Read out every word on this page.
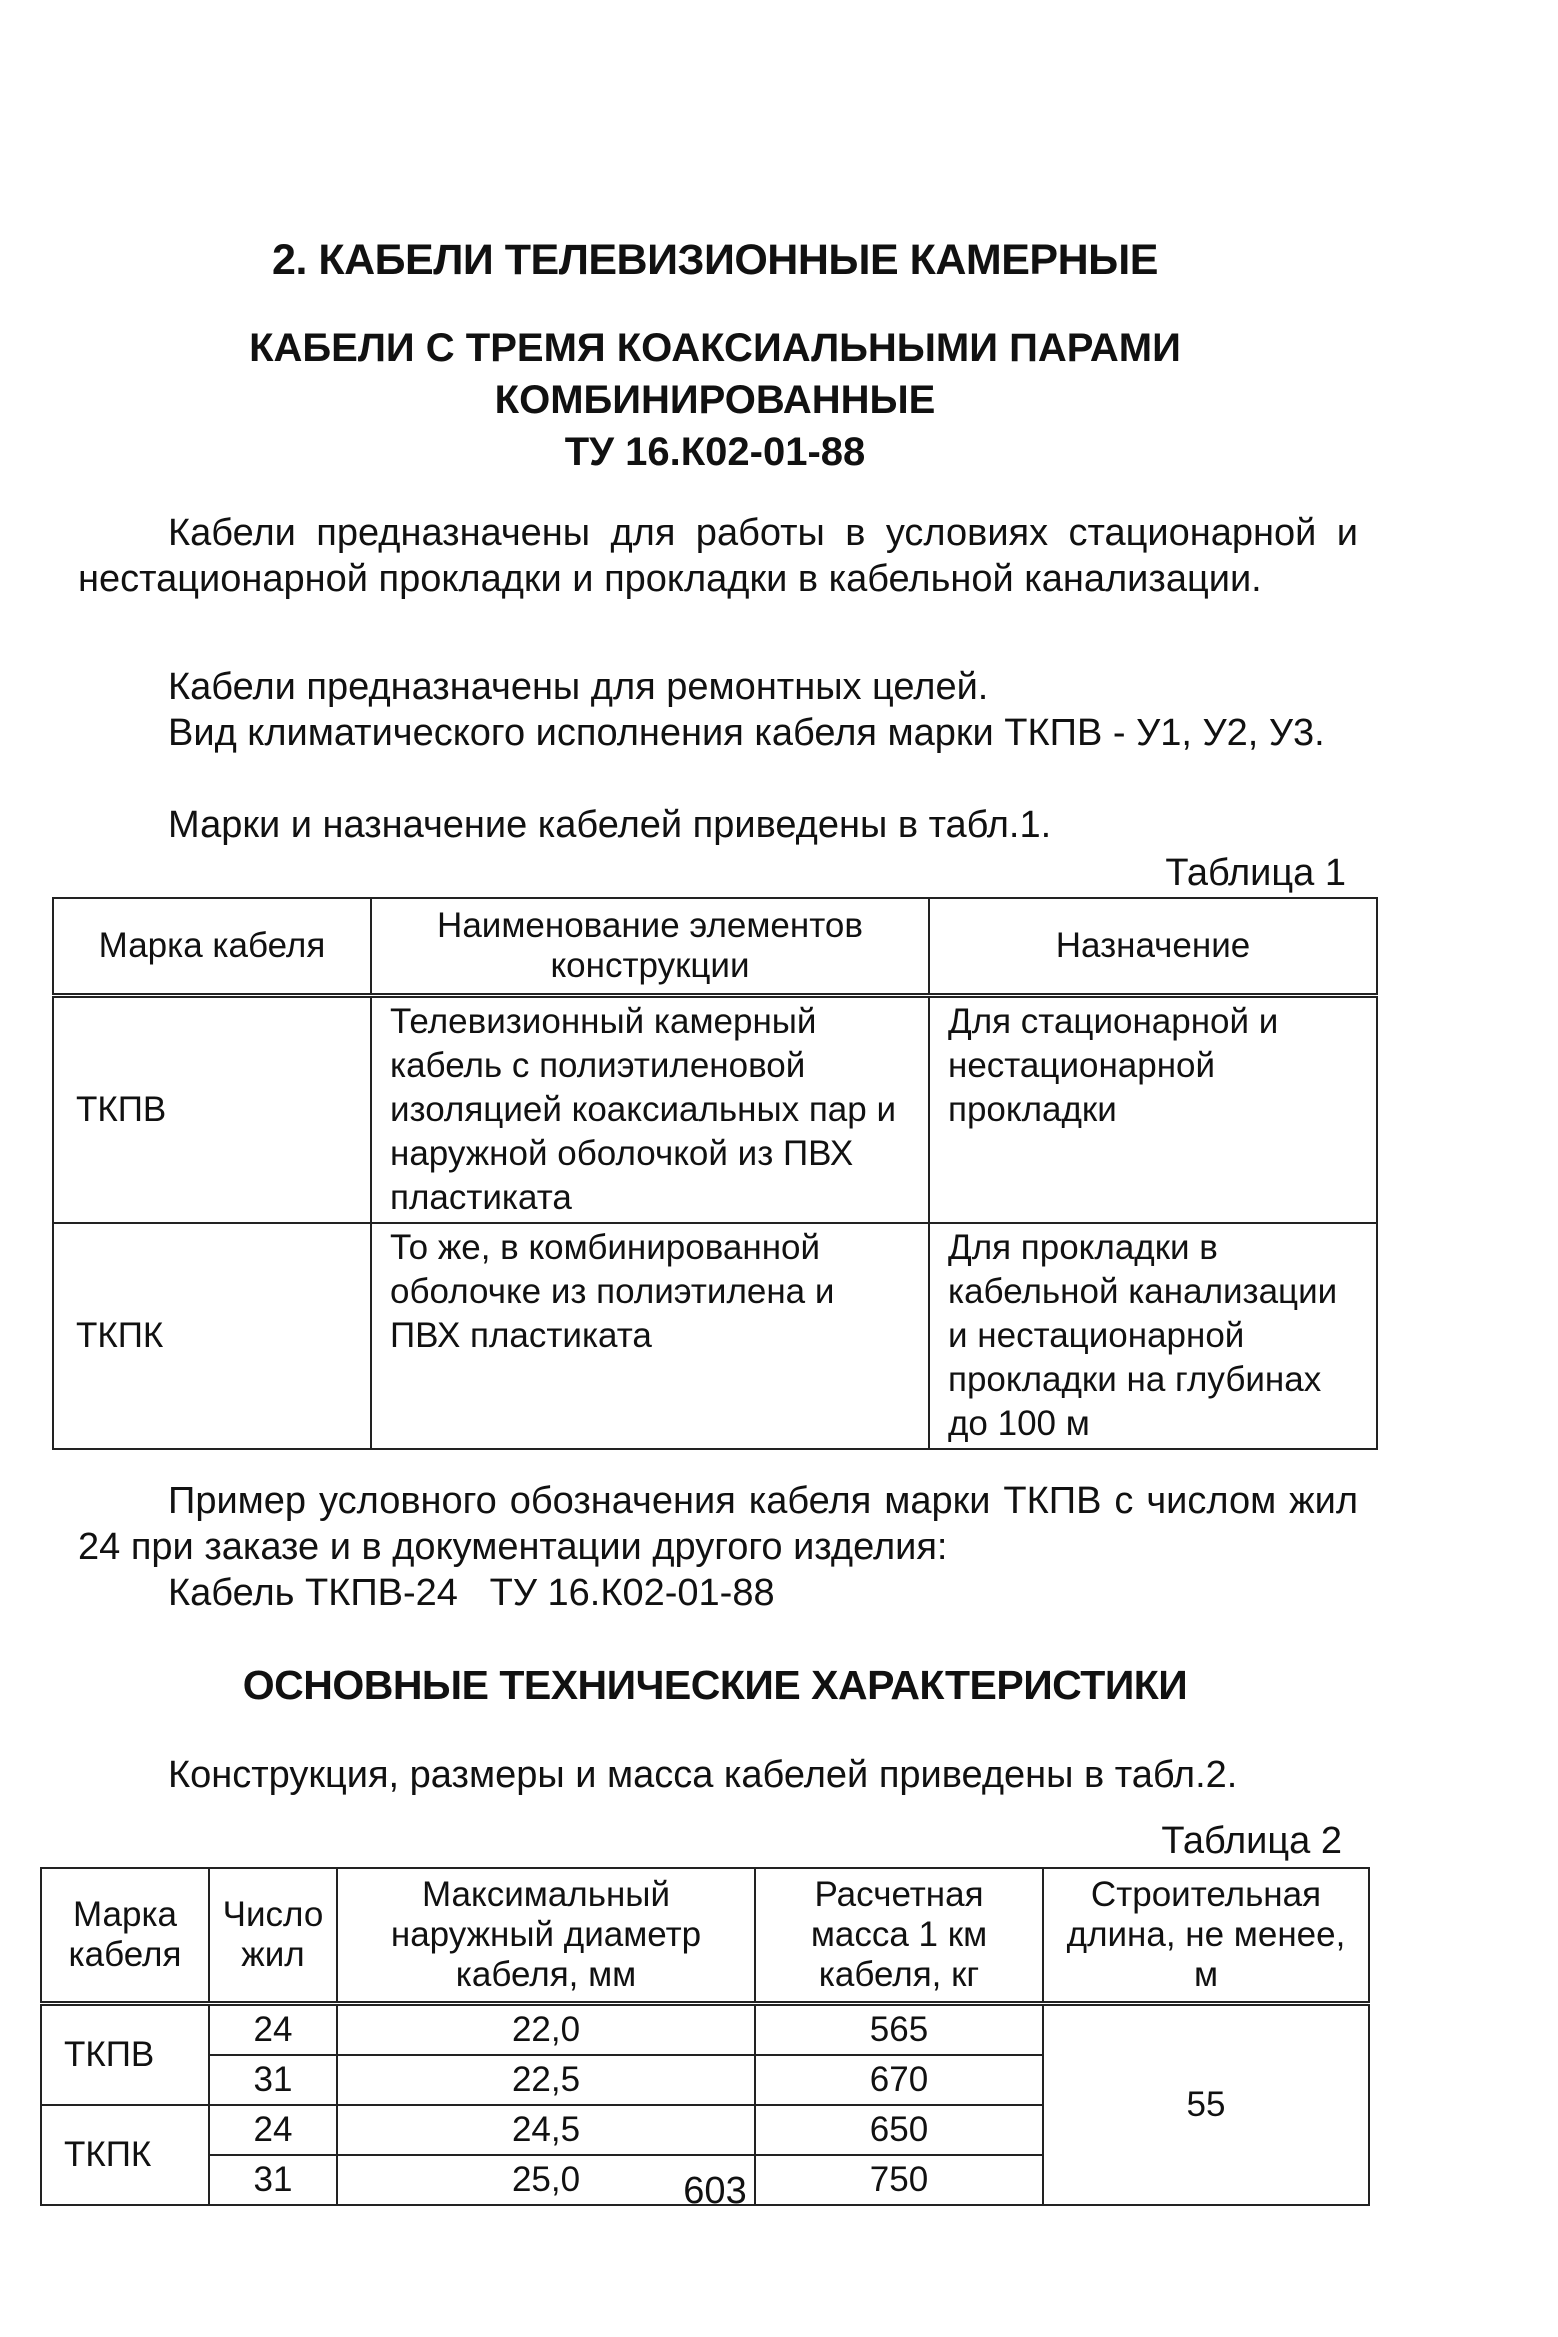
2. КАБЕЛИ ТЕЛЕВИЗИОННЫЕ КАМЕРНЫЕ
КАБЕЛИ С ТРЕМЯ КОАКСИАЛЬНЫМИ ПАРАМИ
КОМБИНИРОВАННЫЕ
ТУ 16.К02-01-88
Кабели предназначены для работы в условиях стационарной и нестационарной прокладки и прокладки в кабельной канализации.
Кабели предназначены для ремонтных целей.
Вид климатического исполнения кабеля марки ТКПВ - У1, У2, У3.
Марки и назначение кабелей приведены в табл.1.
Таблица 1
Марка кабеля	Наименование элементов конструкции	Назначение
ТКПВ	Телевизионный камерный кабель с полиэтиленовой изоляцией коаксиальных пар и наружной оболочкой из ПВХ пластиката	Для стационарной и нестационарной прокладки
ТКПК	То же, в комбинированной оболочке из полиэтилена и ПВХ пластиката	Для прокладки в кабельной канализации и нестационарной прокладки на глубинах до 100 м
Пример условного обозначения кабеля марки ТКПВ с числом жил 24 при заказе и в документации другого изделия:
Кабель ТКПВ-24   ТУ 16.К02-01-88
ОСНОВНЫЕ ТЕХНИЧЕСКИЕ ХАРАКТЕРИСТИКИ
Конструкция, размеры и масса кабелей приведены в табл.2.
Таблица 2
Марка кабеля	Число жил	Максимальный наружный диаметр кабеля, мм	Расчетная масса 1 км кабеля, кг	Строительная длина, не менее, м
ТКПВ	24	22,0	565	55
	31	22,5	670	
ТКПК	24	24,5	650	
	31	25,0	750	
603
